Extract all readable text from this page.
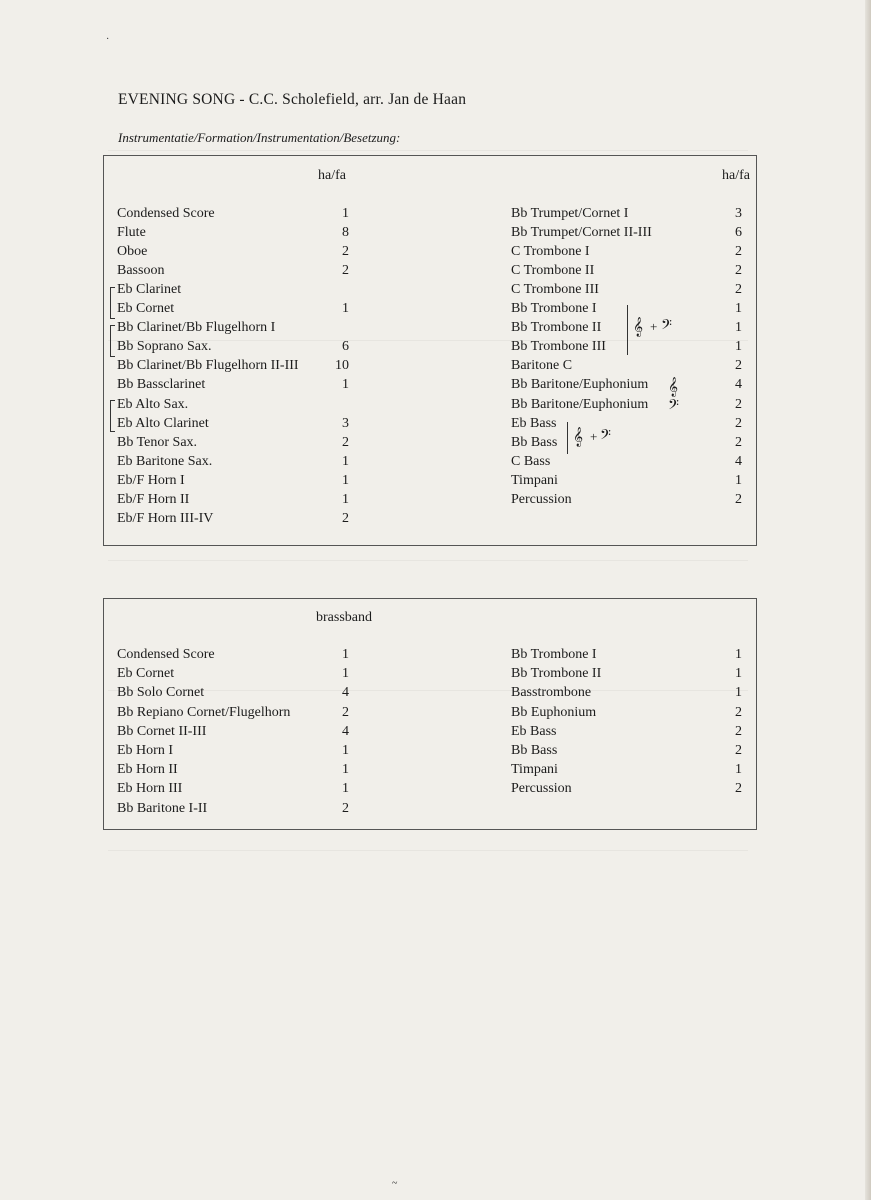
·
~
EVENING SONG - C.C. Scholefield, arr. Jan de Haan
Instrumentatie/Formation/Instrumentation/Besetzung:
ha/fa	ha/fa
Condensed Score	1
Flute	8
Oboe	2
Bassoon	2
Eb Clarinet
Eb Cornet	1
Bb Clarinet/Bb Flugelhorn I
Bb Soprano Sax.	6
Bb Clarinet/Bb Flugelhorn II-III	10
Bb Bassclarinet	1
Eb Alto Sax.
Eb Alto Clarinet	3
Bb Tenor Sax.	2
Eb Baritone Sax.	1
Eb/F Horn I	1
Eb/F Horn II	1
Eb/F Horn III-IV	2
Bb Trumpet/Cornet I	3
Bb Trumpet/Cornet II-III	6
C Trombone I	2
C Trombone II	2
C Trombone III	2
Bb Trombone I	1
Bb Trombone II	1
Bb Trombone III	1
Baritone C	2
Bb Baritone/Euphonium	4
Bb Baritone/Euphonium	2
Eb Bass	2
Bb Bass	2
C Bass	4
Timpani	1
Percussion	2
brassband
Condensed Score	1
Eb Cornet	1
Bb Solo Cornet	4
Bb Repiano Cornet/Flugelhorn	2
Bb Cornet II-III	4
Eb Horn I	1
Eb Horn II	1
Eb Horn III	1
Bb Baritone I-II	2
Bb Trombone I	1
Bb Trombone II	1
Basstrombone	1
Bb Euphonium	2
Eb Bass	2
Bb Bass	2
Timpani	1
Percussion	2
𝄞 + 𝄢
𝄞
𝄢
𝄞 + 𝄢
